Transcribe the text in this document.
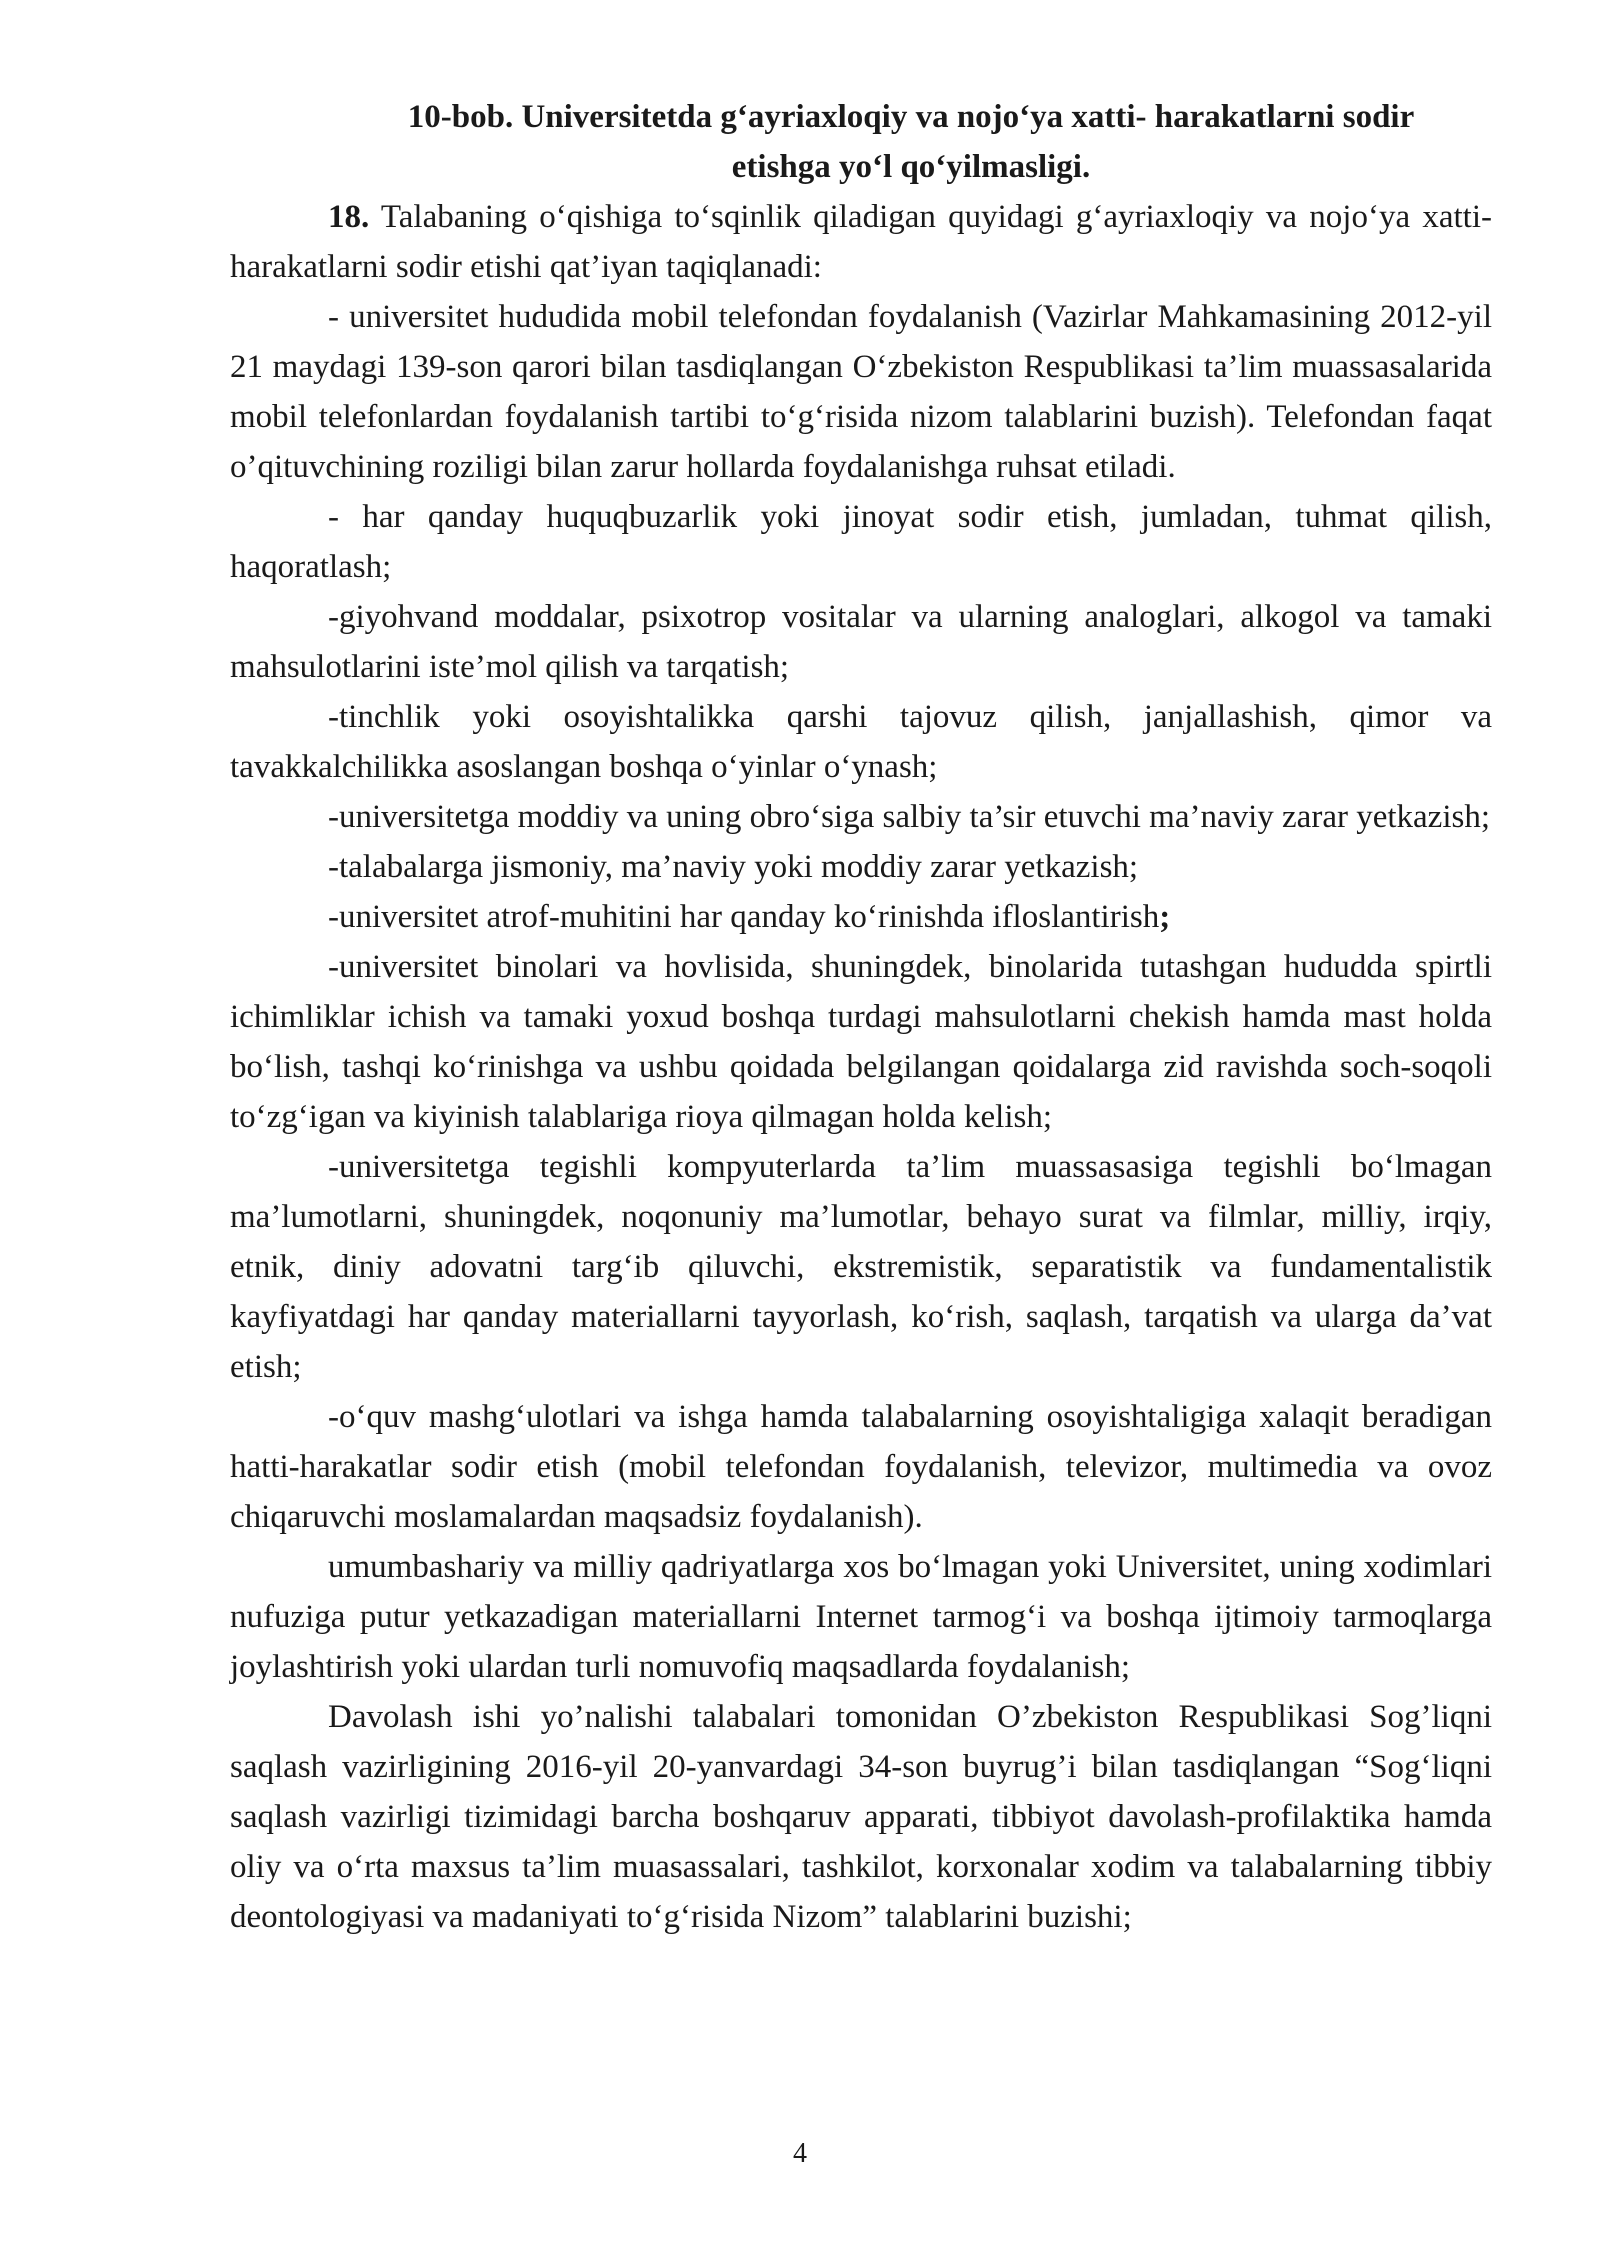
10-bob. Universitetda g‘ayriaxloqiy va nojo‘ya xatti- harakatlarni sodir
etishga yo‘l qo‘yilmasligi.

18. Talabaning o‘qishiga to‘sqinlik qiladigan quyidagi g‘ayriaxloqiy va nojo‘ya xatti-harakatlarni sodir etishi qat’iyan taqiqlanadi:

- universitet hududida mobil telefondan foydalanish (Vazirlar Mahkamasining 2012-yil 21 maydagi 139-son qarori bilan tasdiqlangan O‘zbekiston Respublikasi ta’lim muassasalarida mobil telefonlardan foydalanish tartibi to‘g‘risida nizom talablarini buzish). Telefondan faqat o’qituvchining roziligi bilan zarur hollarda foydalanishga ruhsat etiladi.

- har qanday huquqbuzarlik yoki jinoyat sodir etish, jumladan, tuhmat qilish, haqoratlash;

-giyohvand moddalar, psixotrop vositalar va ularning analoglari, alkogol va tamaki mahsulotlarini iste’mol qilish va tarqatish;

-tinchlik yoki osoyishtalikka qarshi tajovuz qilish, janjallashish, qimor va tavakkalchilikka asoslangan boshqa o‘yinlar o‘ynash;

-universitetga moddiy va uning obro‘siga salbiy ta’sir etuvchi ma’naviy zarar yetkazish;

-talabalarga jismoniy, ma’naviy yoki moddiy zarar yetkazish;

-universitet atrof-muhitini har qanday ko‘rinishda ifloslantirish;

-universitet binolari va hovlisida, shuningdek, binolarida tutashgan hududda spirtli ichimliklar ichish va tamaki yoxud boshqa turdagi mahsulotlarni chekish hamda mast holda bo‘lish, tashqi ko‘rinishga va ushbu qoidada belgilangan qoidalarga zid ravishda soch-soqoli to‘zg‘igan va kiyinish talablariga rioya qilmagan holda kelish;

-universitetga tegishli kompyuterlarda ta’lim muassasasiga tegishli bo‘lmagan ma’lumotlarni, shuningdek, noqonuniy ma’lumotlar, behayo surat va filmlar, milliy, irqiy, etnik, diniy adovatni targ‘ib qiluvchi, ekstremistik, separatistik va fundamentalistik kayfiyatdagi har qanday materiallarni tayyorlash, ko‘rish, saqlash, tarqatish va ularga da’vat etish;

-o‘quv mashg‘ulotlari va ishga hamda talabalarning osoyishtaligiga xalaqit beradigan hatti-harakatlar sodir etish (mobil telefondan foydalanish, televizor, multimedia va ovoz chiqaruvchi moslamalardan maqsadsiz foydalanish).

umumbashariy va milliy qadriyatlarga xos bo‘lmagan yoki Universitet, uning xodimlari nufuziga putur yetkazadigan materiallarni Internet tarmog‘i va boshqa ijtimoiy tarmoqlarga joylashtirish yoki ulardan turli nomuvofiq maqsadlarda foydalanish;

Davolash ishi yo’nalishi talabalari tomonidan O’zbekiston Respublikasi Sog’liqni saqlash vazirligining 2016-yil 20-yanvardagi 34-son buyrug’i bilan tasdiqlangan “Sog‘liqni saqlash vazirligi tizimidagi barcha boshqaruv apparati, tibbiyot davolash-profilaktika hamda oliy va o‘rta maxsus ta’lim muasassalari, tashkilot, korxonalar xodim va talabalarning tibbiy deontologiyasi va madaniyati to‘g‘risida Nizom” talablarini buzishi;

4
